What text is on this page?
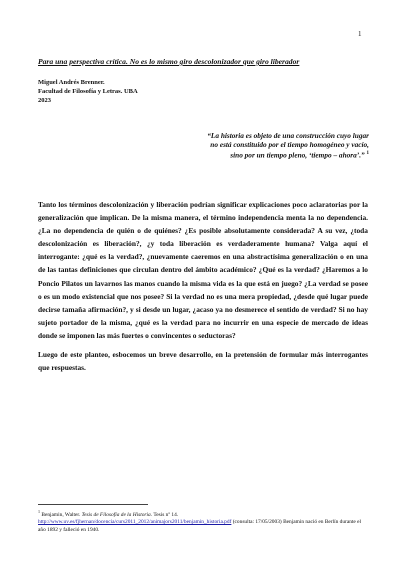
1
Para una perspectiva crítica. No es lo mismo giro descolonizador que giro liberador
Miguel Andrés Brenner.
Facultad de Filosofía y Letras. UBA
2023
“La historia es objeto de una construcción cuyo lugar
no está constituido por el tiempo homogéneo y vacío,
sino por un tiempo pleno, ‘tiempo – ahora’.” $^1$

Tanto los términos descolonización y liberación podrían significar explicaciones poco aclaratorias por la generalización que implican. De la misma manera, el término independencia menta la no dependencia. ¿La no dependencia de quién o de quiénes? ¿Es posible absolutamente considerada? A su vez, ¿toda descolonización es liberación?, ¿y toda liberación es verdaderamente humana? Valga aquí el interrogante: ¿qué es la verdad?, ¿nuevamente caeremos en una abstractísima generalización o en una de las tantas definiciones que circulan dentro del ámbito académico? ¿Qué es la verdad? ¿Haremos a lo Poncio Pilatos un lavarnos las manos cuando la misma vida es la que está en juego? ¿La verdad se posee o es un modo existencial que nos posee? Si la verdad no es una mera propiedad, ¿desde qué lugar puede decirse tamaña afirmación?, y si desde un lugar, ¿acaso ya no desmerece el sentido de verdad? Si no hay sujeto portador de la misma, ¿qué es la verdad para no incurrir en una especie de mercado de ideas donde se imponen las más fuertes o convincentes o seductoras?

Luego de este planteo, esbocemos un breve desarrollo, en la pretensión de formular más interrogantes que respuestas.

$^1$ Benjamin, Walter. Tesis de Filosofía de la Historia. Tesis nº 14.
http://www.uv.es/fjhernan/docencia/curs2011_2012/animajors2011/benjamin_historia.pdf (consulta: 17/05/2003) Benjamin nació en Berlín durante el año 1892 y falleció en 1940.
